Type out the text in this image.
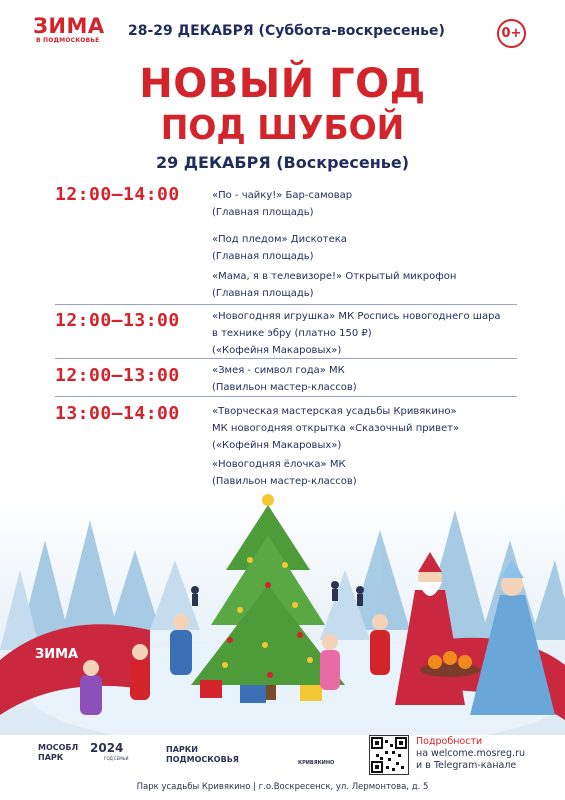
ЗИМА
В ПОДМОСКОВЬЕ
28-29 ДЕКАБРЯ (Суббота-воскресенье)	0+
НОВЫЙ ГОД
ПОД ШУБОЙ
29 ДЕКАБРЯ (Воскресенье)
12:00–14:00	«По - чайку!» Бар-самовар
(Главная площадь)
«Под пледом» Дискотека
(Главная площадь)
«Мама, я в телевизоре!» Открытый микрофон
(Главная площадь)
12:00–13:00	«Новогодняя игрушка» МК Роспись новогоднего шара
в технике эбру (платно 150 ₽)
(«Кофейня Макаровых»)
12:00–13:00	«Змея - символ года» МК
(Павильон мастер-классов)
13:00–14:00	«Творческая мастерская усадьбы Кривякино»
МК новогодняя открытка «Сказочный привет»
(«Кофейня Макаровых»)
«Новогодняя ёлочка» МК
(Павильон мастер-классов)
ЗИМА
МОСОБЛ
ПАРК
2024
ГОД СЕМЬИ
ПАРКИ
ПОДМОСКОВЬЯ	КРИВЯКИНО
Подробности
на welcome.mosreg.ru
и в Telegram-канале
Парк усадьбы Кривякино | г.о.Воскресенск, ул. Лермонтова, д. 5
